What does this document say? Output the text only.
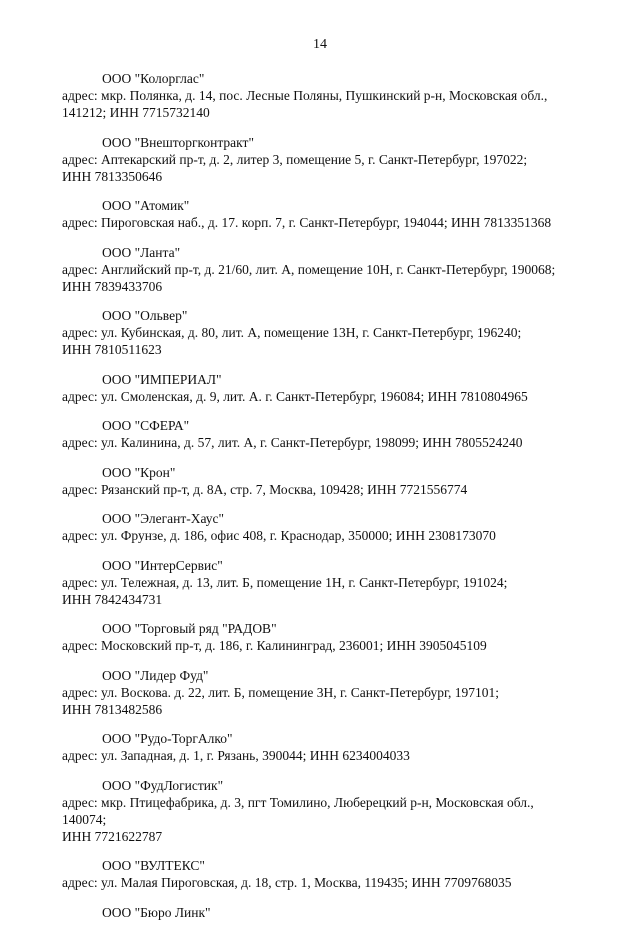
14
ООО "Колорглас"
адрес: мкр. Полянка, д. 14, пос. Лесные Поляны, Пушкинский р-н, Московская обл.,
141212; ИНН 7715732140
ООО "Внешторгконтракт"
адрес: Аптекарский пр-т, д. 2, литер 3, помещение 5, г. Санкт-Петербург, 197022;
ИНН 7813350646
ООО "Атомик"
адрес: Пироговская наб., д. 17. корп. 7, г. Санкт-Петербург, 194044; ИНН 7813351368
ООО "Ланта"
адрес: Английский пр-т, д. 21/60, лит. А, помещение 10Н, г. Санкт-Петербург, 190068;
ИНН 7839433706
ООО "Ольвер"
адрес: ул. Кубинская, д. 80, лит. А, помещение 13Н, г. Санкт-Петербург, 196240;
ИНН 7810511623
ООО "ИМПЕРИАЛ"
адрес: ул. Смоленская, д. 9, лит. А. г. Санкт-Петербург, 196084; ИНН 7810804965
ООО "СФЕРА"
адрес: ул. Калинина, д. 57, лит. А, г. Санкт-Петербург, 198099; ИНН 7805524240
ООО "Крон"
адрес: Рязанский пр-т, д. 8А, стр. 7, Москва, 109428; ИНН 7721556774
ООО "Элегант-Хаус"
адрес: ул. Фрунзе, д. 186, офис 408, г. Краснодар, 350000; ИНН 2308173070
ООО "ИнтерСервис"
адрес: ул. Тележная, д. 13, лит. Б, помещение 1Н, г. Санкт-Петербург, 191024;
ИНН 7842434731
ООО "Торговый ряд "РАДОВ"
адрес: Московский пр-т, д. 186, г. Калининград, 236001; ИНН 3905045109
ООО "Лидер Фуд"
адрес: ул. Воскова. д. 22, лит. Б, помещение 3Н, г. Санкт-Петербург, 197101;
ИНН 7813482586
ООО "Рудо-ТоргАлко"
адрес: ул. Западная, д. 1, г. Рязань, 390044; ИНН 6234004033
ООО "ФудЛогистик"
адрес: мкр. Птицефабрика, д. 3, пгт Томилино, Люберецкий р-н, Московская обл.,
140074;
ИНН 7721622787
ООО "ВУЛТЕКС"
адрес: ул. Малая Пироговская, д. 18, стр. 1, Москва, 119435; ИНН 7709768035
ООО "Бюро Линк"
